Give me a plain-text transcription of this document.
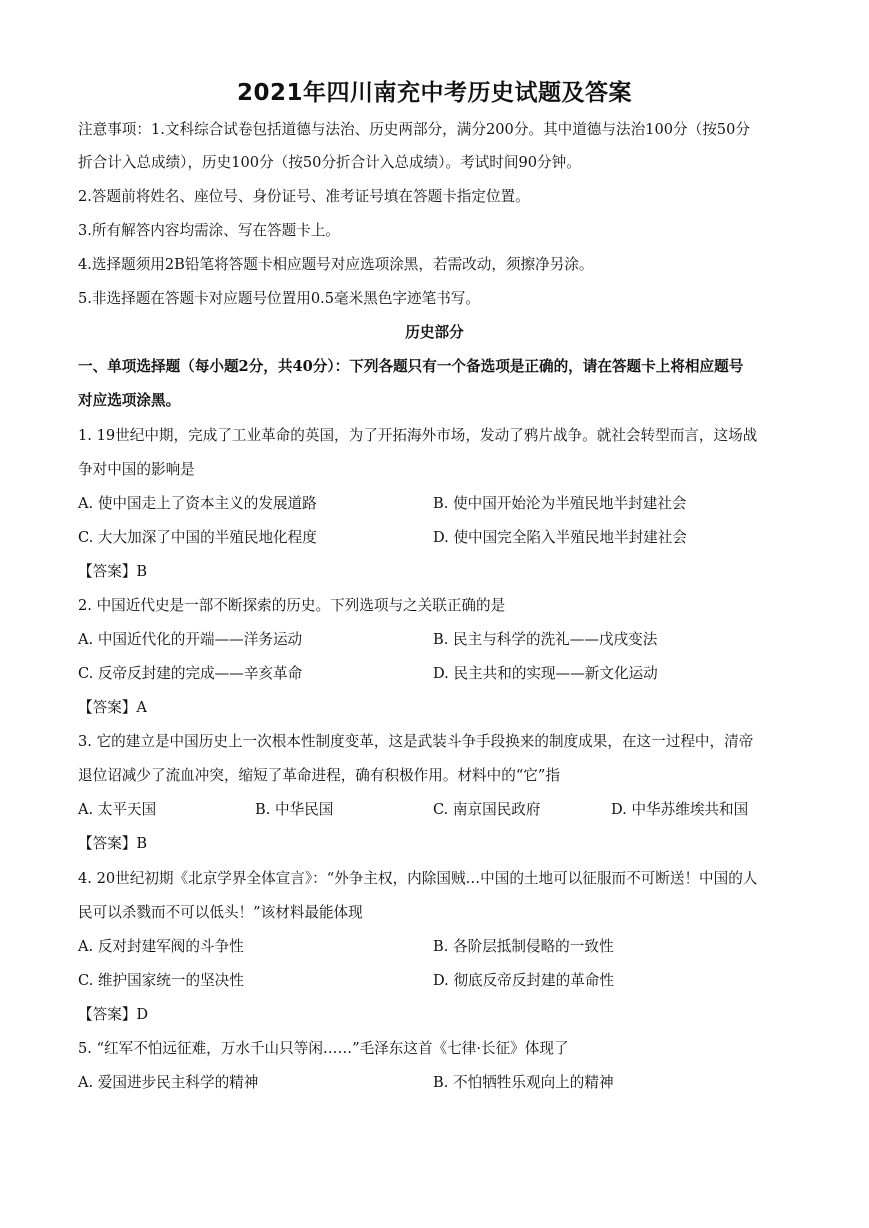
2021年四川南充中考历史试题及答案
注意事项：1.文科综合试卷包括道德与法治、历史两部分，满分200分。其中道德与法治100分（按50分
折合计入总成绩），历史100分（按50分折合计入总成绩）。考试时间90分钟。
2.答题前将姓名、座位号、身份证号、准考证号填在答题卡指定位置。
3.所有解答内容均需涂、写在答题卡上。
4.选择题须用2B铅笔将答题卡相应题号对应选项涂黑，若需改动，须擦净另涂。
5.非选择题在答题卡对应题号位置用0.5毫米黑色字迹笔书写。
历史部分
一、单项选择题（每小题2分，共40分）：下列各题只有一个备选项是正确的，请在答题卡上将相应题号
对应选项涂黑。
1. 19世纪中期，完成了工业革命的英国，为了开拓海外市场，发动了鸦片战争。就社会转型而言，这场战
争对中国的影响是
A. 使中国走上了资本主义的发展道路	B. 使中国开始沦为半殖民地半封建社会
C. 大大加深了中国的半殖民地化程度	D. 使中国完全陷入半殖民地半封建社会
【答案】B
2. 中国近代史是一部不断探索的历史。下列选项与之关联正确的是
A. 中国近代化的开端——洋务运动	B. 民主与科学的洗礼——戊戌变法
C. 反帝反封建的完成——辛亥革命	D. 民主共和的实现——新文化运动
【答案】A
3. 它的建立是中国历史上一次根本性制度变革，这是武装斗争手段换来的制度成果，在这一过程中，清帝
退位诏减少了流血冲突，缩短了革命进程，确有积极作用。材料中的“它”指
A. 太平天国	B. 中华民国	C. 南京国民政府	D. 中华苏维埃共和国
【答案】B
4. 20世纪初期《北京学界全体宣言》：“外争主权，内除国贼…中国的土地可以征服而不可断送！中国的人
民可以杀戮而不可以低头！”该材料最能体现
A. 反对封建军阀的斗争性	B. 各阶层抵制侵略的一致性
C. 维护国家统一的坚决性	D. 彻底反帝反封建的革命性
【答案】D
5. “红军不怕远征难，万水千山只等闲……”毛泽东这首《七律·长征》体现了
A. 爱国进步民主科学的精神	B. 不怕牺牲乐观向上的精神
